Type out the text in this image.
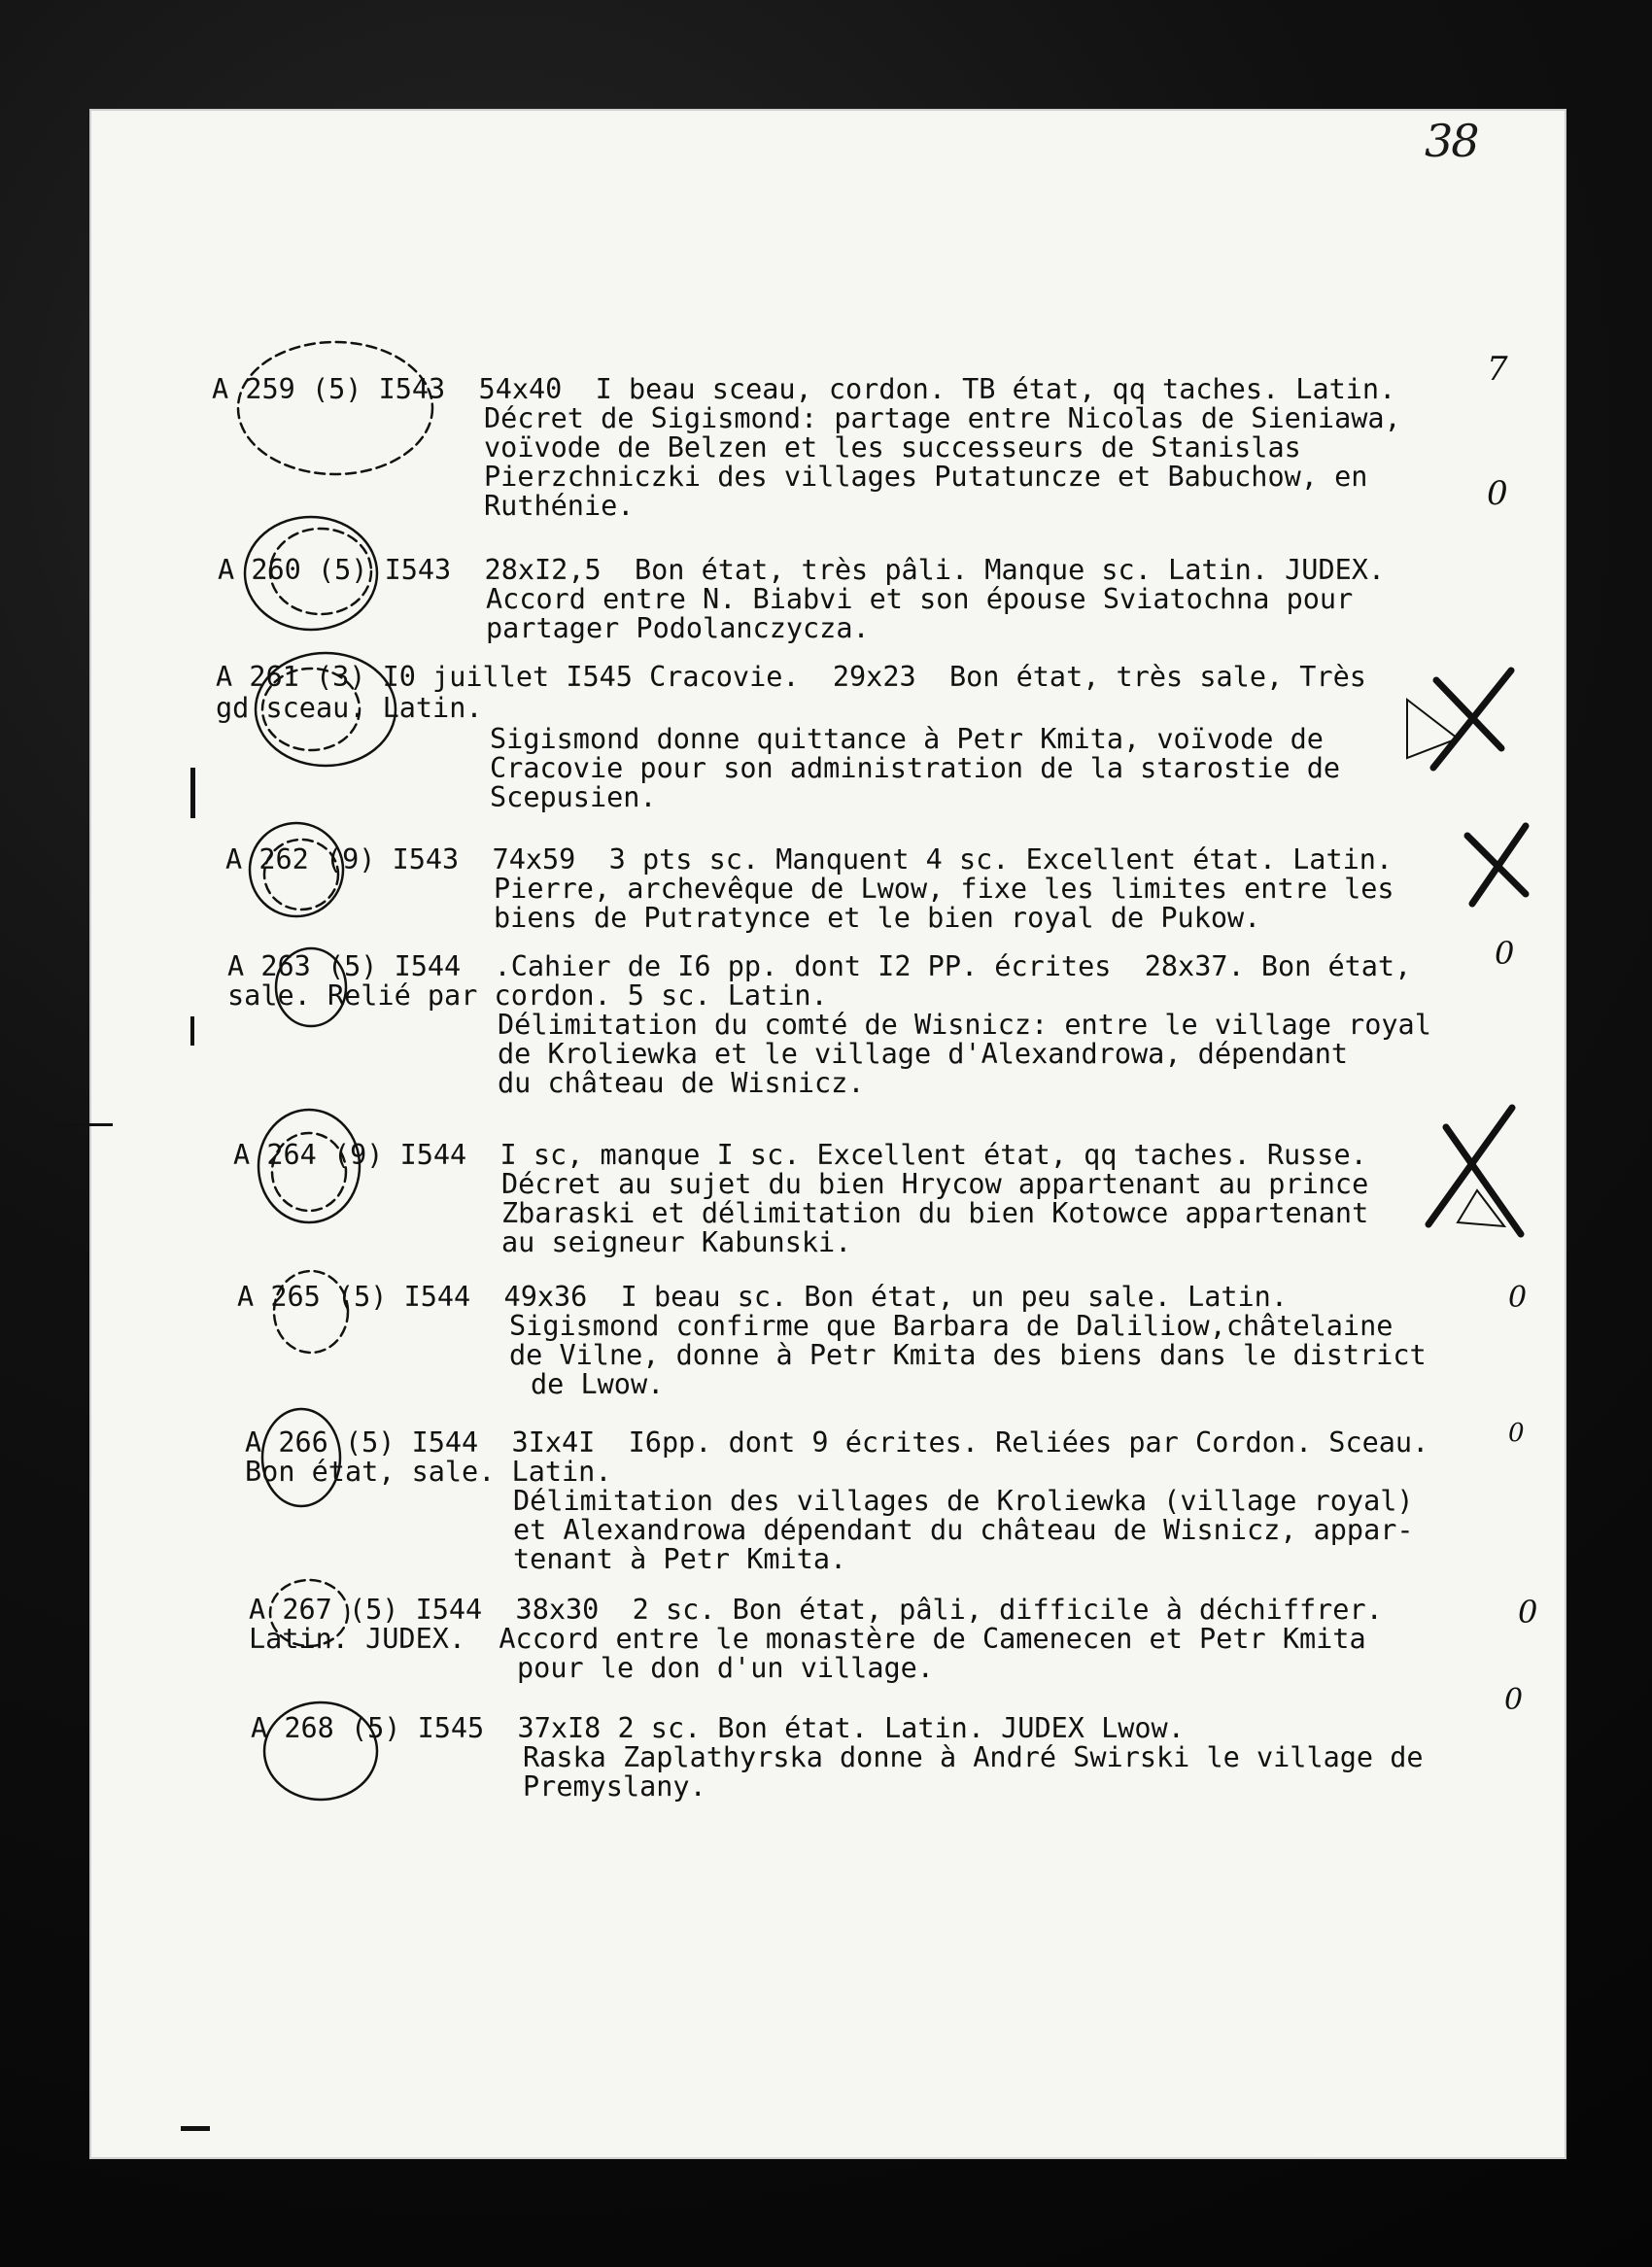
38
A 259 (5) I543  54x40  I beau sceau, cordon. TB état, qq taches. Latin.
Décret de Sigismond: partage entre Nicolas de Sieniawa,
voïvode de Belzen et les successeurs de Stanislas
Pierzchniczki des villages Putatuncze et Babuchow, en
Ruthénie.
A 260 (5) I543  28xI2,5  Bon état, très pâli. Manque sc. Latin. JUDEX.
Accord entre N. Biabvi et son épouse Sviatochna pour
partager Podolanczycza.
A 261 (3) I0 juillet I545 Cracovie.  29x23  Bon état, très sale, Très
gd sceau. Latin.
Sigismond donne quittance à Petr Kmita, voïvode de
Cracovie pour son administration de la starostie de
Scepusien.
A 262 (9) I543  74x59  3 pts sc. Manquent 4 sc. Excellent état. Latin.
Pierre, archevêque de Lwow, fixe les limites entre les
biens de Putratynce et le bien royal de Pukow.
A 263 (5) I544  .Cahier de I6 pp. dont I2 PP. écrites  28x37. Bon état,
sale. Relié par cordon. 5 sc. Latin.
Délimitation du comté de Wisnicz: entre le village royal
de Kroliewka et le village d'Alexandrowa, dépendant
du château de Wisnicz.
A 264 (9) I544  I sc, manque I sc. Excellent état, qq taches. Russe.
Décret au sujet du bien Hrycow appartenant au prince
Zbaraski et délimitation du bien Kotowce appartenant
au seigneur Kabunski.
A 265 (5) I544  49x36  I beau sc. Bon état, un peu sale. Latin.
Sigismond confirme que Barbara de Daliliow,châtelaine
de Vilne, donne à Petr Kmita des biens dans le district
de Lwow.
A 266 (5) I544  3Ix4I  I6pp. dont 9 écrites. Reliées par Cordon. Sceau.
Bon état, sale. Latin.
Délimitation des villages de Kroliewka (village royal)
et Alexandrowa dépendant du château de Wisnicz, appar-
tenant à Petr Kmita.
A 267 (5) I544  38x30  2 sc. Bon état, pâli, difficile à déchiffrer.
Latin. JUDEX.  Accord entre le monastère de Camenecen et Petr Kmita
pour le don d'un village.
A 268 (5) I545  37xI8 2 sc. Bon état. Latin. JUDEX Lwow.
Raska Zaplathyrska donne à André Swirski le village de
Premyslany.
7
0
0
0
0
0
0
